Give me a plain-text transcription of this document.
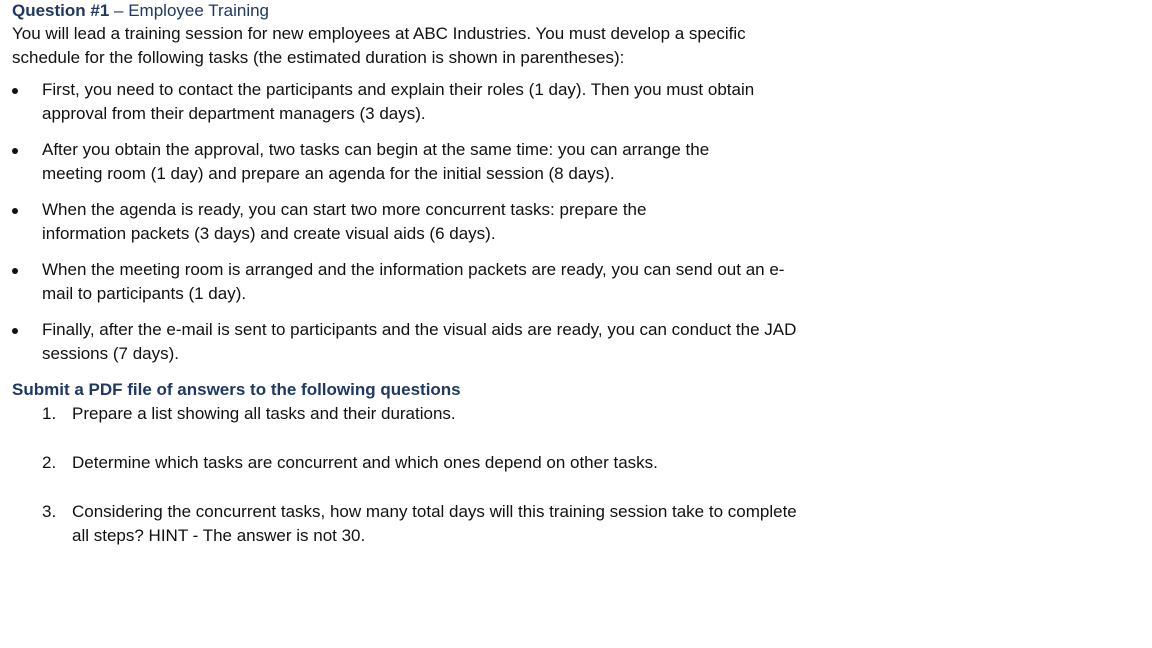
Question #1 – Employee Training

You will lead a training session for new employees at ABC Industries. You must develop a specific schedule for the following tasks (the estimated duration is shown in parentheses):

First, you need to contact the participants and explain their roles (1 day). Then you must obtain approval from their department managers (3 days).
After you obtain the approval, two tasks can begin at the same time: you can arrange the meeting room (1 day) and prepare an agenda for the initial session (8 days).
When the agenda is ready, you can start two more concurrent tasks: prepare the information packets (3 days) and create visual aids (6 days).
When the meeting room is arranged and the information packets are ready, you can send out an e-mail to participants (1 day).
Finally, after the e-mail is sent to participants and the visual aids are ready, you can conduct the JAD sessions (7 days).

Submit a PDF file of answers to the following questions

1. Prepare a list showing all tasks and their durations.
2. Determine which tasks are concurrent and which ones depend on other tasks.
3. Considering the concurrent tasks, how many total days will this training session take to complete all steps? HINT - The answer is not 30.
